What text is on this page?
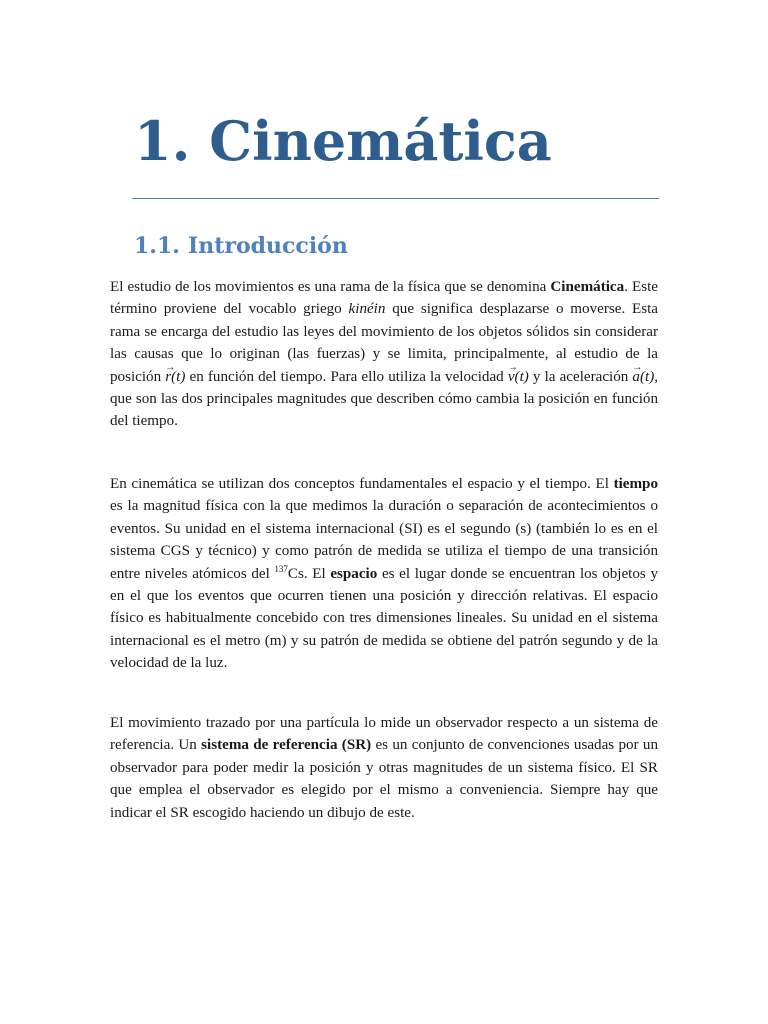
1. Cinemática
1.1. Introducción

El estudio de los movimientos es una rama de la física que se denomina Cinemática. Este término proviene del vocablo griego kinéin que significa desplazarse o moverse. Esta rama se encarga del estudio las leyes del movimiento de los objetos sólidos sin considerar las causas que lo originan (las fuerzas) y se limita, principalmente, al estudio de la posición
→
r(t) en función del tiempo. Para ello utiliza la velocidad
→
v(t) y la aceleración
→
a(t), que son las dos principales magnitudes que describen cómo cambia la posición en función del tiempo.

En cinemática se utilizan dos conceptos fundamentales el espacio y el tiempo. El tiempo es la magnitud física con la que medimos la duración o separación de acontecimientos o eventos. Su unidad en el sistema internacional (SI) es el segundo (s) (también lo es en el sistema CGS y técnico) y como patrón de medida se utiliza el tiempo de una transición entre niveles atómicos del $^{137}$Cs. El espacio es el lugar donde se encuentran los objetos y en el que los eventos que ocurren tienen una posición y dirección relativas. El espacio físico es habitualmente concebido con tres dimensiones lineales. Su unidad en el sistema internacional es el metro (m) y su patrón de medida se obtiene del patrón segundo y de la velocidad de la luz.

El movimiento trazado por una partícula lo mide un observador respecto a un sistema de referencia. Un sistema de referencia (SR) es un conjunto de convenciones usadas por un observador para poder medir la posición y otras magnitudes de un sistema físico. El SR que emplea el observador es elegido por el mismo a conveniencia. Siempre hay que indicar el SR escogido haciendo un dibujo de este.
